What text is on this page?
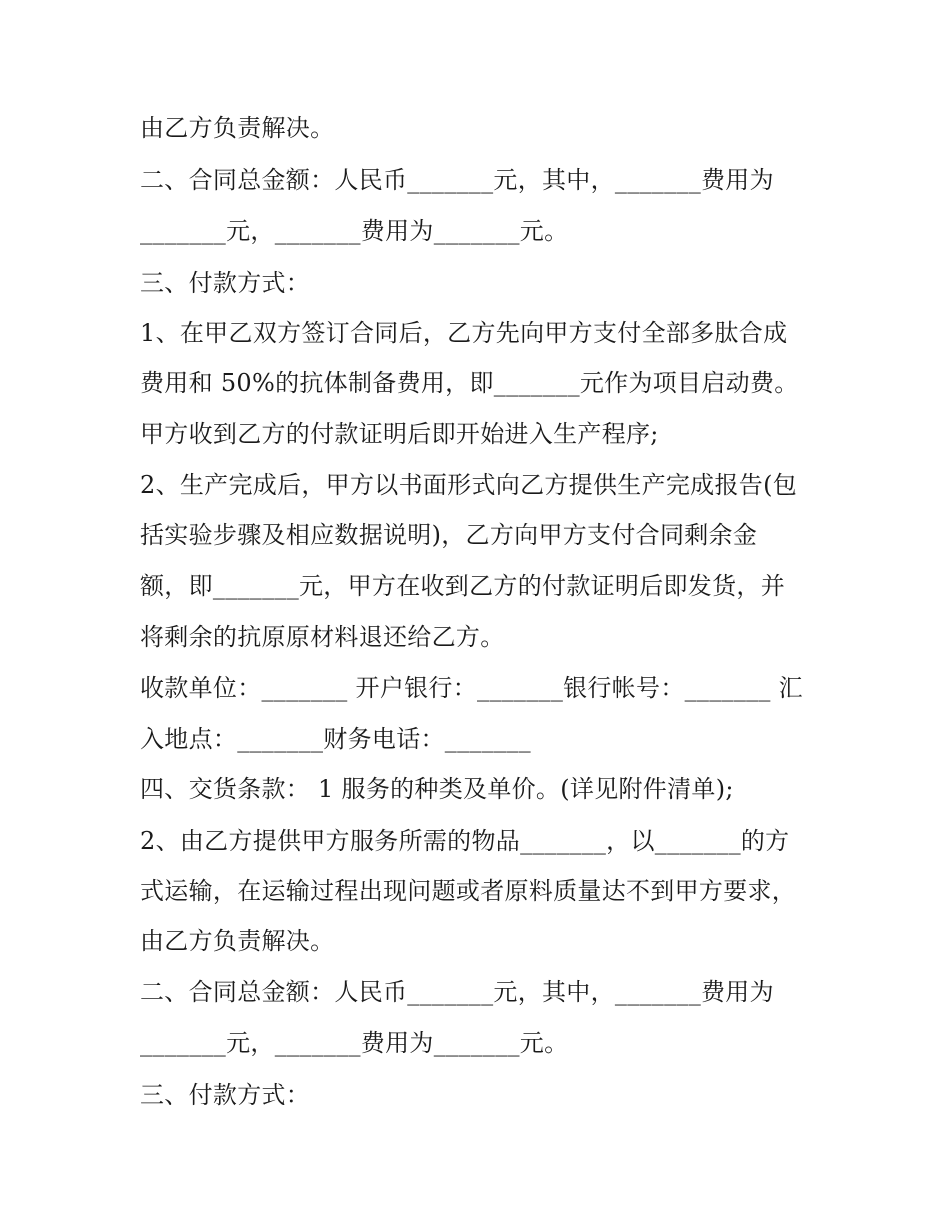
由乙方负责解决。
二、合同总金额：人民币_______元，其中，_______费用为
_______元，_______费用为_______元。
三、付款方式：
1、在甲乙双方签订合同后，乙方先向甲方支付全部多肽合成
费用和 50%的抗体制备费用，即_______元作为项目启动费。
甲方收到乙方的付款证明后即开始进入生产程序;
2、生产完成后，甲方以书面形式向乙方提供生产完成报告(包
括实验步骤及相应数据说明)，乙方向甲方支付合同剩余金
额，即_______元，甲方在收到乙方的付款证明后即发货，并
将剩余的抗原原材料退还给乙方。
收款单位：_______ 开户银行：_______银行帐号：_______ 汇
入地点：_______财务电话：_______
四、交货条款： 1 服务的种类及单价。(详见附件清单);
2、由乙方提供甲方服务所需的物品_______，以_______的方
式运输，在运输过程出现问题或者原料质量达不到甲方要求，
由乙方负责解决。
二、合同总金额：人民币_______元，其中，_______费用为
_______元，_______费用为_______元。
三、付款方式：
